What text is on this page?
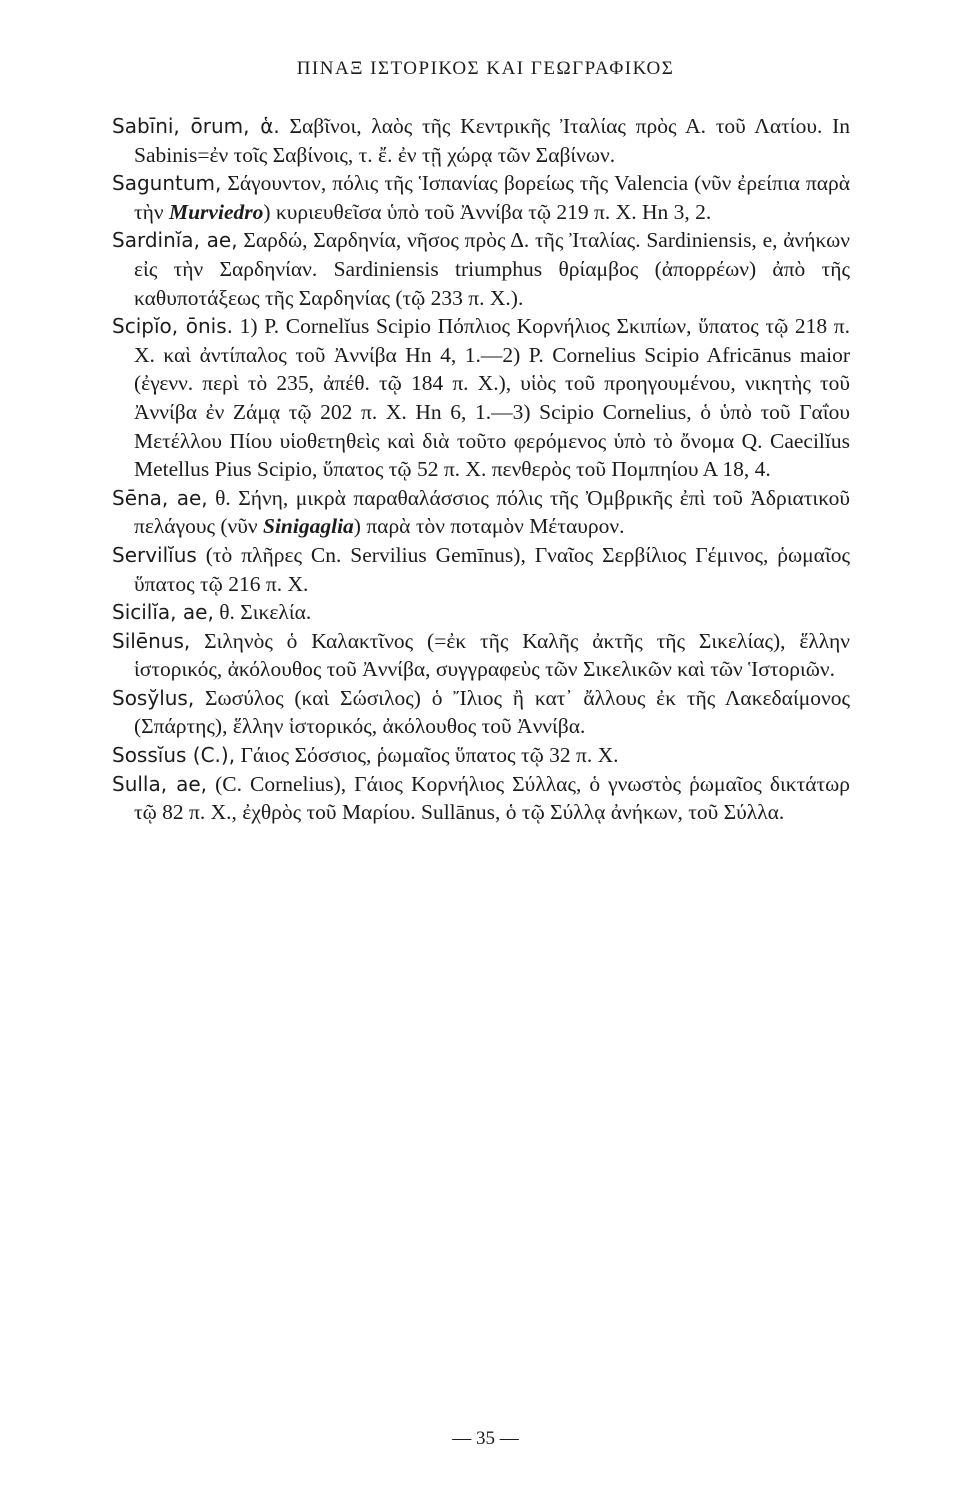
ΠΙΝΑΞ ΙΣΤΟΡΙΚΟΣ ΚΑΙ ΓΕΩΓΡΑΦΙΚΟΣ

Sabīni, ōrum, ἁ. Σαβῖνοι, λαὸς τῆς Κεντρικῆς Ἰταλίας πρὸς Α. τοῦ Λατίου. In Sabinis=ἐν τοῖς Σαβίνοις, τ. ἔ. ἐν τῇ χώρᾳ τῶν Σαβίνων.

Saguntum, Σάγουντον, πόλις τῆς Ἱσπανίας βορείως τῆς Valencia (νῦν ἐρείπια παρὰ τὴν Murviedro) κυριευθεῖσα ὑπὸ τοῦ Ἀννίβα τῷ 219 π. Χ. Hn 3, 2.

Sardinĭa, ae, Σαρδώ, Σαρδηνία, νῆσος πρὸς Δ. τῆς Ἰταλίας. Sardiniensis, e, ἀνήκων εἰς τὴν Σαρδηνίαν. Sardiniensis triumphus θρίαμβος (ἀπορρέων) ἀπὸ τῆς καθυποτάξεως τῆς Σαρδηνίας (τῷ 233 π. Χ.).

Scipĭo, ōnis. 1) P. Cornelĭus Scipio Πόπλιος Κορνήλιος Σκιπίων, ὕπατος τῷ 218 π. Χ. καὶ ἀντίπαλος τοῦ Ἀννίβα Hn 4, 1.—2) P. Cornelius Scipio Africānus maior (ἐγενν. περὶ τὸ 235, ἀπέθ. τῷ 184 π. Χ.), υἱὸς τοῦ προηγουμένου, νικητὴς τοῦ Ἀννίβα ἐν Ζάμᾳ τῷ 202 π. Χ. Hn 6, 1.—3) Scipio Cornelius, ὁ ὑπὸ τοῦ Γαΐου Μετέλλου Πίου υἱοθετηθεὶς καὶ διὰ τοῦτο φερόμενος ὑπὸ τὸ ὄνομα Q. Caecilĭus Metellus Pius Scipio, ὕπατος τῷ 52 π. Χ. πενθερὸς τοῦ Πομπηίου Α 18, 4.

Sēna, ae, θ. Σήνη, μικρὰ παραθαλάσσιος πόλις τῆς Ὀμβρικῆς ἐπὶ τοῦ Ἀδριατικοῦ πελάγους (νῦν Sinigaglia) παρὰ τὸν ποταμὸν Μέταυρον.

Servilĭus (τὸ πλῆρες Cn. Servilius Gemīnus), Γναῖος Σερβίλιος Γέμινος, ῥωμαῖος ὕπατος τῷ 216 π. Χ.

Sicilĭa, ae, θ. Σικελία.

Silēnus, Σιληνὸς ὁ Καλακτῖνος (=ἐκ τῆς Καλῆς ἀκτῆς τῆς Σικελίας), ἕλλην ἱστορικός, ἀκόλουθος τοῦ Ἀννίβα, συγγραφεὺς τῶν Σικελικῶν καὶ τῶν Ἱστοριῶν.

Sosy̆lus, Σωσύλος (καὶ Σώσιλος) ὁ Ἴλιος ἢ κατ᾽ ἄλλους ἐκ τῆς Λακεδαίμονος (Σπάρτης), ἕλλην ἱστορικός, ἀκόλουθος τοῦ Ἀννίβα.

Sossĭus (C.), Γάιος Σόσσιος, ῥωμαῖος ὕπατος τῷ 32 π. Χ.

Sulla, ae, (C. Cornelius), Γάιος Κορνήλιος Σύλλας, ὁ γνωστὸς ῥωμαῖος δικτάτωρ τῷ 82 π. Χ., ἐχθρὸς τοῦ Μαρίου. Sullānus, ὁ τῷ Σύλλᾳ ἀνήκων, τοῦ Σύλλα.

— 35 —
